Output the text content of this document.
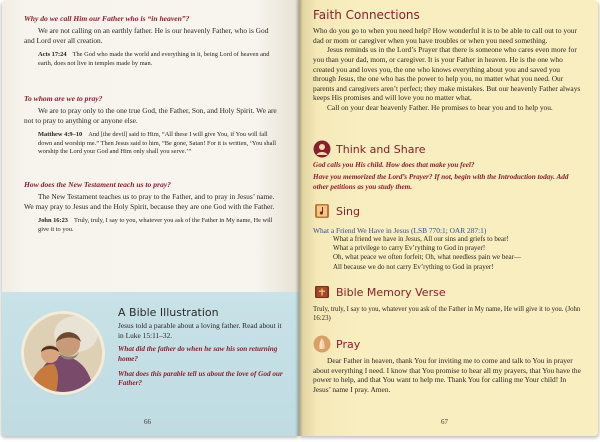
Why do we call Him our Father who is “in heaven”?

We are not calling on an earthly father. He is our heavenly Father, who is God and Lord over all creation.

Acts 17:24 The God who made the world and everything in it, being Lord of heaven and earth, does not live in temples made by man.

To whom are we to pray?

We are to pray only to the one true God, the Father, Son, and Holy Spirit. We are not to pray to anything or anyone else.

Matthew 4:9–10 And [the devil] said to Him, “All these I will give You, if You will fall down and worship me.” Then Jesus said to him, “Be gone, Satan! For it is written, ‘You shall worship the Lord your God and Him only shall you serve.’”

How does the New Testament teach us to pray?

The New Testament teaches us to pray to the Father, and to pray in Jesus’ name. We may pray to Jesus and the Holy Spirit, because they are one God with the Father.

John 16:23 Truly, truly, I say to you, whatever you ask of the Father in My name, He will give it to you.

A Bible Illustration

Jesus told a parable about a loving father. Read about it in Luke 15:11–32.

What did the father do when he saw his son returning home?

What does this parable tell us about the love of God our Father?

66
Faith Connections

Who do you go to when you need help? How wonderful it is to be able to call out to your dad or mom or caregiver when you have troubles or when you need something.

Jesus reminds us in the Lord’s Prayer that there is someone who cares even more for you than your dad, mom, or caregiver. It is your Father in heaven. He is the one who created you and loves you, the one who knows everything about you and saved you through Jesus, the one who has the power to help you, no matter what you need. Our parents and caregivers aren’t perfect; they make mistakes. But our heavenly Father always keeps His promises and will love you no matter what.

Call on your dear heavenly Father. He promises to hear you and to help you.

Think and Share

God calls you His child. How does that make you feel?

Have you memorized the Lord’s Prayer? If not, begin with the Introduction today. Add other petitions as you study them.

Sing

What a Friend We Have in Jesus (LSB 770:1; OAR 287:1)

What a friend we have in Jesus, All our sins and griefs to bear!

What a privilege to carry Ev’rything to God in prayer!

Oh, what peace we often forfeit; Oh, what needless pain we bear—

All because we do not carry Ev’rything to God in prayer!

Bible Memory Verse

Truly, truly, I say to you, whatever you ask of the Father in My name, He will give it to you. (John 16:23)

Pray

Dear Father in heaven, thank You for inviting me to come and talk to You in prayer about everything I need. I know that You promise to hear all my prayers, that You have the power to help, and that You want to help me. Thank You for calling me Your child! In Jesus’ name I pray. Amen.

67
